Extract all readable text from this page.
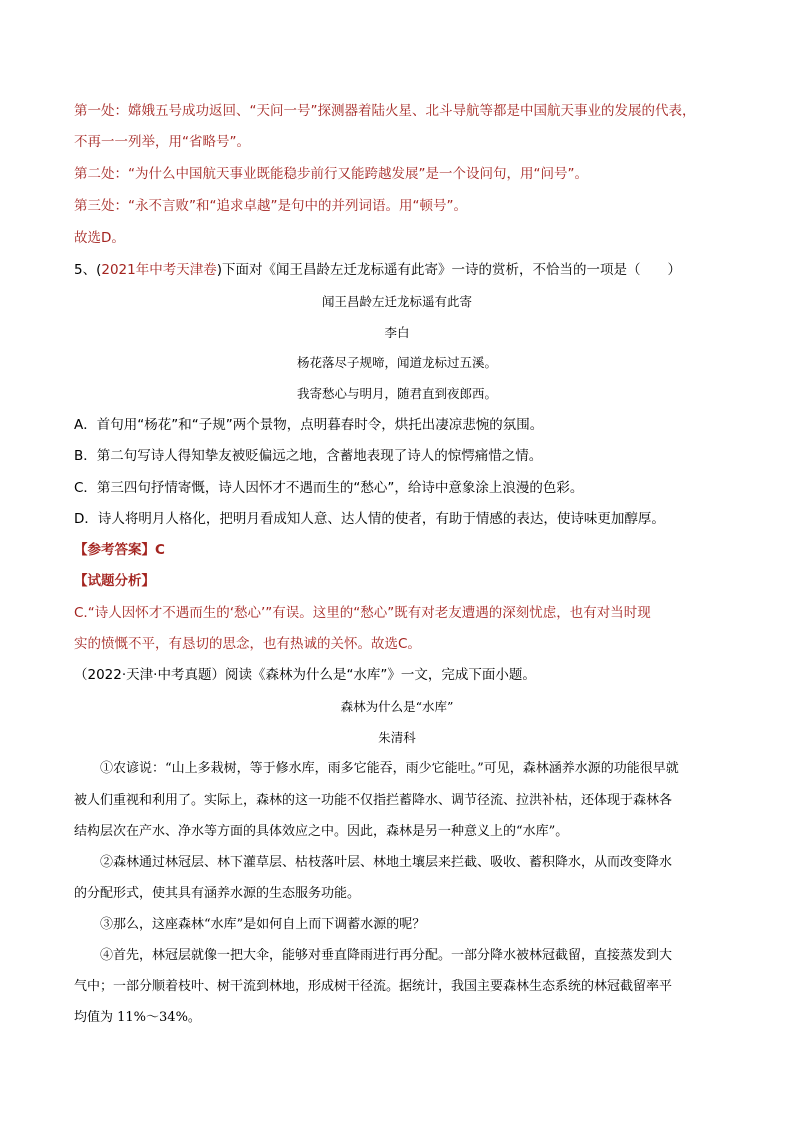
第一处：嫦娥五号成功返回、“天问一号”探测器着陆火星、北斗导航等都是中国航天事业的发展的代表，
不再一一列举，用“省略号”。
第二处：“为什么中国航天事业既能稳步前行又能跨越发展”是一个设问句，用“问号”。
第三处：“永不言败”和“追求卓越”是句中的并列词语。用“顿号”。
故选D。
5、(2021年中考天津卷)下面对《闻王昌龄左迁龙标遥有此寄》一诗的赏析，不恰当的一项是（　　）
闻王昌龄左迁龙标遥有此寄
李白
杨花落尽子规啼，闻道龙标过五溪。
我寄愁心与明月，随君直到夜郎西。
A．首句用“杨花”和“子规”两个景物，点明暮春时令，烘托出凄凉悲惋的氛围。
B．第二句写诗人得知挚友被贬偏远之地，含蓄地表现了诗人的惊愕痛惜之情。
C．第三四句抒情寄慨，诗人因怀才不遇而生的“愁心”，给诗中意象涂上浪漫的色彩。
D．诗人将明月人格化，把明月看成知人意、达人情的使者，有助于情感的表达，使诗味更加醇厚。
【参考答案】C
【试题分析】
C.“诗人因怀才不遇而生的‘愁心’”有误。这里的“愁心”既有对老友遭遇的深刻忧虑，也有对当时现
实的愤慨不平，有恳切的思念，也有热诚的关怀。故选C。
（2022·天津·中考真题）阅读《森林为什么是“水库”》一文，完成下面小题。
森林为什么是“水库”
朱清科
①农谚说：“山上多栽树，等于修水库，雨多它能吞，雨少它能吐。”可见，森林涵养水源的功能很早就
被人们重视和利用了。实际上，森林的这一功能不仅指拦蓄降水、调节径流、拉洪补枯，还体现于森林各
结构层次在产水、净水等方面的具体效应之中。因此，森林是另一种意义上的“水库”。
②森林通过林冠层、林下灌草层、枯枝落叶层、林地土壤层来拦截、吸收、蓄积降水，从而改变降水
的分配形式，使其具有涵养水源的生态服务功能。
③那么，这座森林“水库”是如何自上而下调蓄水源的呢？
④首先，林冠层就像一把大伞，能够对垂直降雨进行再分配。一部分降水被林冠截留，直接蒸发到大
气中；一部分顺着枝叶、树干流到林地，形成树干径流。据统计，我国主要森林生态系统的林冠截留率平
均值为 11%～34%。
